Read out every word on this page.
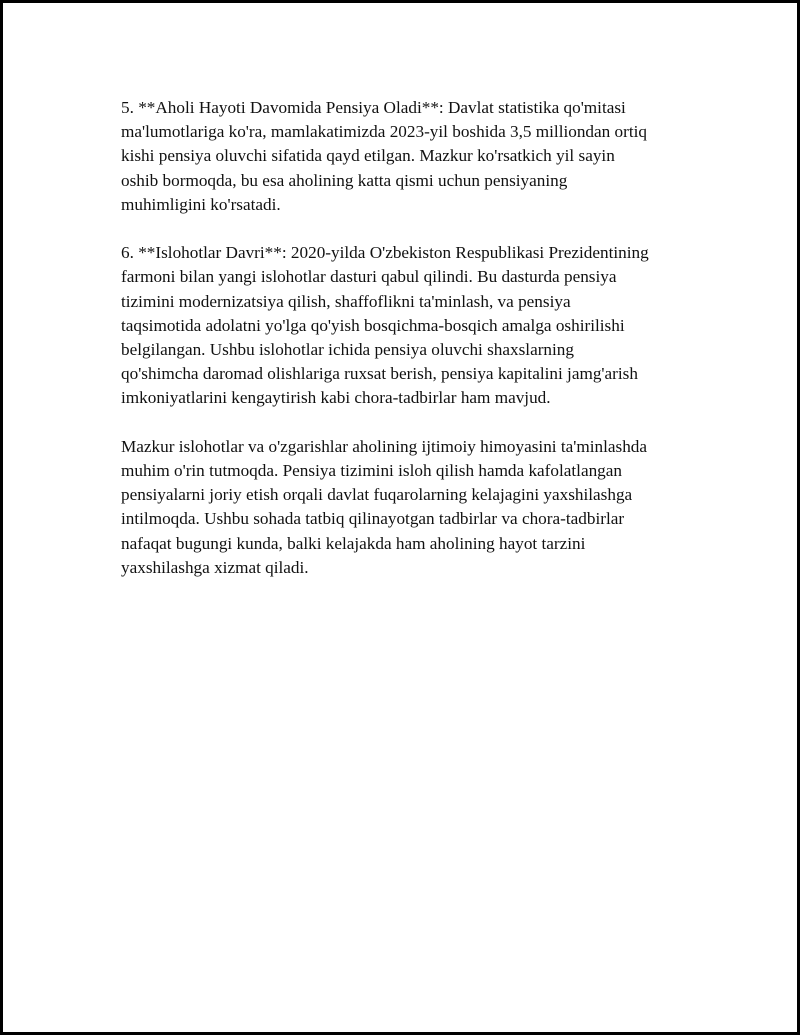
5. **Aholi Hayoti Davomida Pensiya Oladi**: Davlat statistika qo'mitasi
ma'lumotlariga ko'ra, mamlakatimizda 2023-yil boshida 3,5 milliondan ortiq
kishi pensiya oluvchi sifatida qayd etilgan. Mazkur ko'rsatkich yil sayin
oshib bormoqda, bu esa aholining katta qismi uchun pensiyaning
muhimligini ko'rsatadi.

6. **Islohotlar Davri**: 2020-yilda O'zbekiston Respublikasi Prezidentining
farmoni bilan yangi islohotlar dasturi qabul qilindi. Bu dasturda pensiya
tizimini modernizatsiya qilish, shaffoflikni ta'minlash, va pensiya
taqsimotida adolatni yo'lga qo'yish bosqichma-bosqich amalga oshirilishi
belgilangan. Ushbu islohotlar ichida pensiya oluvchi shaxslarning
qo'shimcha daromad olishlariga ruxsat berish, pensiya kapitalini jamg'arish
imkoniyatlarini kengaytirish kabi chora-tadbirlar ham mavjud.

Mazkur islohotlar va o'zgarishlar aholining ijtimoiy himoyasini ta'minlashda
muhim o'rin tutmoqda. Pensiya tizimini isloh qilish hamda kafolatlangan
pensiyalarni joriy etish orqali davlat fuqarolarning kelajagini yaxshilashga
intilmoqda. Ushbu sohada tatbiq qilinayotgan tadbirlar va chora-tadbirlar
nafaqat bugungi kunda, balki kelajakda ham aholining hayot tarzini
yaxshilashga xizmat qiladi.
